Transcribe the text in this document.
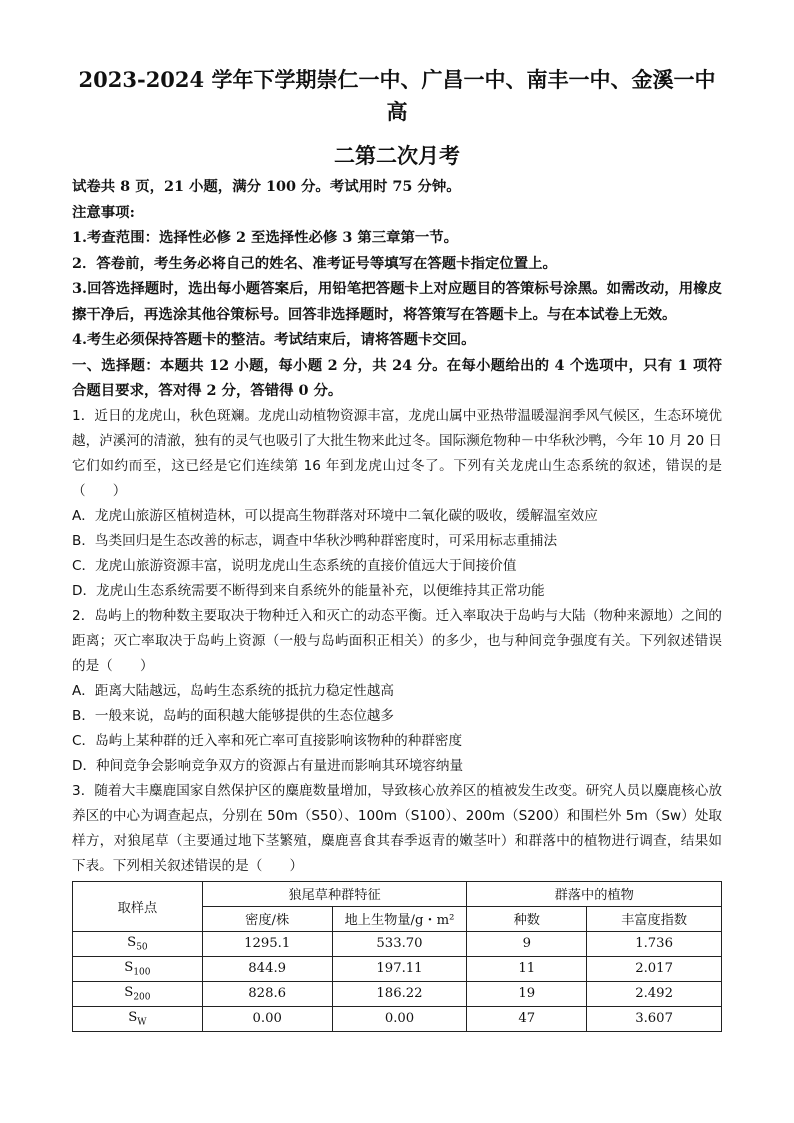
2023-2024 学年下学期崇仁一中、广昌一中、南丰一中、金溪一中高
二第二次月考
试卷共 8 页，21 小题，满分 100 分。考试用时 75 分钟。
注意事项:
1.考查范围：选择性必修 2 至选择性必修 3 第三章第一节。
2．答卷前，考生务必将自己的姓名、准考证号等填写在答题卡指定位置上。
3.回答选择题时，选出每小题答案后，用铅笔把答题卡上对应题目的答策标号涂黑。如需改动，用橡皮擦干净后，再选涂其他谷策标号。回答非选择题时，将答策写在答题卡上。与在本试卷上无效。
4.考生必须保持答题卡的整洁。考试结束后，请将答题卡交回。
一、选择题：本题共 12 小题，每小题 2 分，共 24 分。在每小题给出的 4 个选项中，只有 1 项符合题目要求，答对得 2 分，答错得 0 分。
1．近日的龙虎山，秋色斑斓。龙虎山动植物资源丰富，龙虎山属中亚热带温暖湿润季风气候区，生态环境优越，泸溪河的清澈，独有的灵气也吸引了大批生物来此过冬。国际濒危物种－中华秋沙鸭，今年 10 月 20 日它们如约而至，这已经是它们连续第 16 年到龙虎山过冬了。下列有关龙虎山生态系统的叙述，错误的是（　　）
A．龙虎山旅游区植树造林，可以提高生物群落对环境中二氧化碳的吸收，缓解温室效应
B．鸟类回归是生态改善的标志，调查中华秋沙鸭种群密度时，可采用标志重捕法
C．龙虎山旅游资源丰富，说明龙虎山生态系统的直接价值远大于间接价值
D．龙虎山生态系统需要不断得到来自系统外的能量补充，以便维持其正常功能
2．岛屿上的物种数主要取决于物种迁入和灭亡的动态平衡。迁入率取决于岛屿与大陆（物种来源地）之间的距离；灭亡率取决于岛屿上资源（一般与岛屿面积正相关）的多少，也与种间竞争强度有关。下列叙述错误的是（　　）
A．距离大陆越远，岛屿生态系统的抵抗力稳定性越高
B．一般来说，岛屿的面积越大能够提供的生态位越多
C．岛屿上某种群的迁入率和死亡率可直接影响该物种的种群密度
D．种间竞争会影响竞争双方的资源占有量进而影响其环境容纳量
3．随着大丰麋鹿国家自然保护区的麋鹿数量增加，导致核心放养区的植被发生改变。研究人员以麋鹿核心放养区的中心为调查起点，分别在 50m（S50）、100m（S100）、200m（S200）和围栏外 5m（Sw）处取样方，对狼尾草（主要通过地下茎繁殖，麋鹿喜食其春季返青的嫩茎叶）和群落中的植物进行调查，结果如下表。下列相关叙述错误的是（　　）
取样点	狼尾草种群特征		群落中的植物	
	密度/株	地上生物量/g・m²	种数	丰富度指数
$S_{50}$	1295.1	533.70	9	1.736
$S_{100}$	844.9	197.11	11	2.017
$S_{200}$	828.6	186.22	19	2.492
$S_W$	0.00	0.00	47	3.607
